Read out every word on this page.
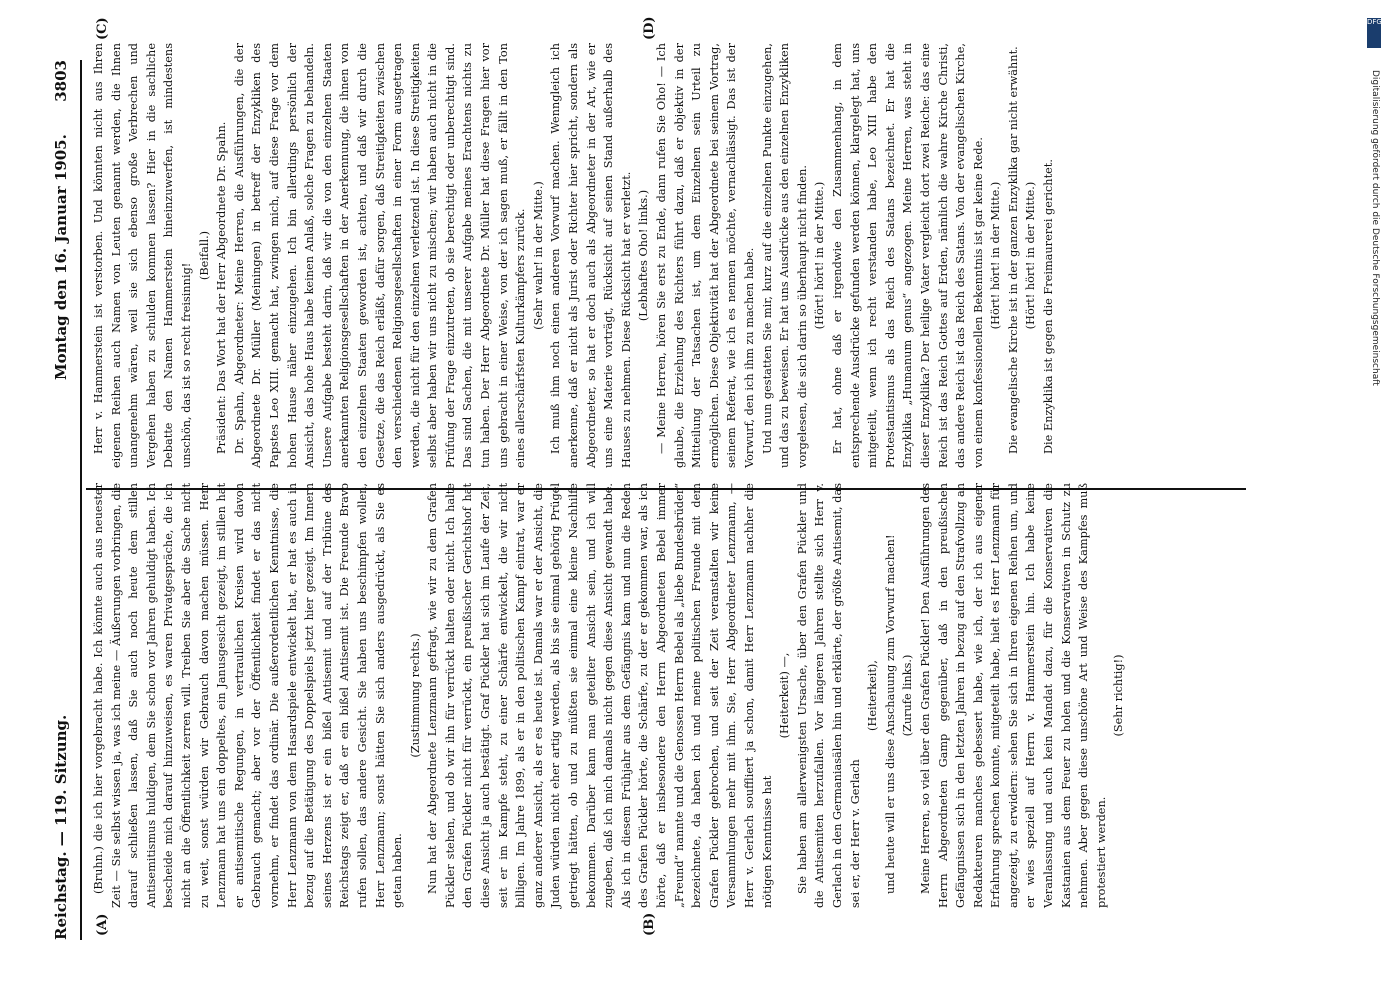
Reichstag. — 119. Sitzung.
Montag den 16. Januar 1905.
3803
(A)	(B)
(C)	(D)

(Bruhn.) die ich hier vorgebracht habe. Ich könnte auch aus neuester Zeit — Sie selbst wissen ja, was ich meine — Äußerungen vorbringen, die darauf schließen lassen, daß Sie auch noch heute dem stillen Antisemitismus huldigen, dem Sie schon vor Jahren gehuldigt haben. Ich bescheide mich darauf hinzuweisen, es waren Privatgespräche, die ich nicht an die Öffentlichkeit zerren will. Treiben Sie aber die Sache nicht zu weit, sonst würden wir Gebrauch davon machen müssen. Herr Lenzmann hat uns ein doppeltes, ein Janusgesicht gezeigt, im stillen hat er antisemitische Regungen, in vertraulichen Kreisen wird davon Gebrauch gemacht; aber vor der Öffentlichkeit findet er das nicht vornehm, er findet das ordinär. Die außerordentlichen Kenntnisse, die Herr Lenzmann von dem Hasardspiele entwickelt hat, er hat es auch in bezug auf die Betätigung des Doppelspiels jetzt hier gezeigt. Im Innern seines Herzens ist er ein bißel Antisemit und auf der Tribüne des Reichstags zeigt er, daß er ein bißel Antisemit ist. Die Freunde Bravo rufen sollen, das andere Gesicht. Sie haben uns beschimpfen wollen, Herr Lenzmann; sonst hätten Sie sich anders ausgedrückt, als Sie es getan haben.

(Zustimmung rechts.) Nun hat der Abgeordnete Lenzmann gefragt, wie wir zu dem Grafen Pückler stehen, und ob wir ihn für verrückt halten oder nicht. Ich halte den Grafen Pückler nicht für verrückt, ein preußischer Gerichtshof hat diese Ansicht ja auch bestätigt. Graf Pückler hat sich im Laufe der Zeit, seit er im Kampfe steht, zu einer Schärfe entwickelt, die wir nicht billigen. Im Jahre 1899, als er in den politischen Kampf eintrat, war er ganz anderer Ansicht, als er es heute ist. Damals war er der Ansicht, die Juden würden nicht eher artig werden, als bis sie einmal gehörig Prügel getriegt hätten, ob und zu müßten sie einmal eine kleine Nachhilfe bekommen. Darüber kann man geteilter Ansicht sein, und ich will zugeben, daß ich mich damals nicht gegen diese Ansicht gewandt habe. Als ich in diesem Frühjahr aus dem Gefängnis kam und nun die Reden des Grafen Pückler hörte, die Schärfe, zu der er gekommen war, als ich hörte, daß er insbesondere den Herrn Abgeordneten Bebel immer „Freund“ nannte und die Genossen Herrn Bebel als „liebe Bundesbrüder“ bezeichnete, da haben ich und meine politischen Freunde mit dem Grafen Pückler gebrochen, und seit der Zeit veranstalten wir keine Versammlungen mehr mit ihm. Sie, Herr Abgeordneter Lenzmann, — Herr v. Gerlach souffliert ja schon, damit Herr Lenzmann nachher die nötigen Kenntnisse hat

(Heiterkeit) —, Sie haben am allerwenigsten Ursache, über den Grafen Pückler und die Antisemiten herzufallen. Vor längeren Jahren stellte sich Herr v. Gerlach in den Germaniasälen hin und erklärte, der größte Antisemit, das sei er, der Herr v. Gerlach

(Heiterkeit), und heute will er uns diese Anschauung zum Vorwurf machen! (Zurufe links.) Meine Herren, so viel über den Grafen Pückler! Den Ausführungen des Herrn Abgeordneten Gamp gegenüber, daß in den preußischen Gefängnissen sich in den letzten Jahren in bezug auf den Strafvollzug an Redakteuren manches gebessert habe, wie ich, der ich aus eigener Erfahrung sprechen konnte, mitgeteilt habe, hielt es Herr Lenzmann für angezeigt, zu erwidern: sehen Sie sich in Ihren eigenen Reihen um, und er wies speziell auf Herrn v. Hammerstein hin. Ich habe keine Veranlassung und auch kein Mandat dazu, für die Konservativen die Kastanien aus dem Feuer zu holen und die Konservativen in Schutz zu nehmen. Aber gegen diese unschöne Art und Weise des Kampfes muß protestiert werden.

(Sehr richtig!)

Herr v. Hammerstein ist verstorben. Und könnten nicht aus Ihren eigenen Reihen auch Namen von Leuten genannt werden, die Ihnen unangenehm wären, weil sie sich ebenso große Verbrechen und Vergehen haben zu schulden kommen lassen? Hier in die sachliche Debatte den Namen Hammerstein hineinzuwerfen, ist mindestens unschön, das ist so recht freisinnig!

(Beifall.) Präsident: Das Wort hat der Herr Abgeordnete Dr. Spahn. Dr. Spahn, Abgeordneter: Meine Herren, die Ausführungen, die der Abgeordnete Dr. Müller (Meiningen) in betreff der Enzykliken des Papstes Leo XIII. gemacht hat, zwingen mich, auf diese Frage vor dem hohen Hause näher einzugehen. Ich bin allerdings persönlich der Ansicht, das hohe Haus habe keinen Anlaß, solche Fragen zu behandeln. Unsere Aufgabe besteht darin, daß wir die von den einzelnen Staaten anerkannten Religionsgesellschaften in der Anerkennung, die ihnen von den einzelnen Staaten geworden ist, achten, und daß wir durch die Gesetze, die das Reich erläßt, dafür sorgen, daß Streitigkeiten zwischen den verschiedenen Religionsgesellschaften in einer Form ausgetragen werden, die nicht für den einzelnen verletzend ist. In diese Streitigkeiten selbst aber haben wir uns nicht zu mischen; wir haben auch nicht in die Prüfung der Frage einzutreten, ob sie berechtigt oder unberechtigt sind. Das sind Sachen, die mit unserer Aufgabe meines Erachtens nichts zu tun haben. Der Herr Abgeordnete Dr. Müller hat diese Fragen hier vor uns gebracht in einer Weise, von der ich sagen muß, er fällt in den Ton eines allerschärfsten Kulturkämpfers zurück. (Sehr wahr! in der Mitte.) Ich muß ihm noch einen anderen Vorwurf machen. Wenngleich ich anerkenne, daß er nicht als Jurist oder Richter hier spricht, sondern als Abgeordneter, so hat er doch auch als Abgeordneter in der Art, wie er uns eine Materie vorträgt, Rücksicht auf seinen Stand außerhalb des Hauses zu nehmen. Diese Rücksicht hat er verletzt. (Lebhaftes Oho! links.) — Meine Herren, hören Sie erst zu Ende, dann rufen Sie Oho! — Ich glaube, die Erziehung des Richters führt dazu, daß er objektiv in der Mitteilung der Tatsachen ist, um dem Einzelnen sein Urteil zu ermöglichen. Diese Objektivität hat der Abgeordnete bei seinem Vortrag, seinem Referat, wie ich es nennen möchte, vernachlässigt. Das ist der Vorwurf, den ich ihm zu machen habe. Und nun gestatten Sie mir, kurz auf die einzelnen Punkte einzugehen, und das zu beweisen. Er hat uns Ausdrücke aus den einzelnen Enzykliken vorgelesen, die sich darin so überhaupt nicht finden. (Hört! hört! in der Mitte.) Er hat, ohne daß er irgendwie den Zusammenhang, in dem entsprechende Ausdrücke gefunden werden können, klargelegt hat, uns mitgeteilt, wenn ich recht verstanden habe, Leo XIII habe den Protestantismus als das Reich des Satans bezeichnet. Er hat die Enzyklika „Humanum genus“ angezogen. Meine Herren, was steht in dieser Enzyklika? Der heilige Vater vergleicht dort zwei Reiche: das eine Reich ist das Reich Gottes auf Erden, nämlich die wahre Kirche Christi, das andere Reich ist das Reich des Satans. Von der evangelischen Kirche, von einem konfessionellen Bekenntnis ist gar keine Rede. (Hört! hört! in der Mitte.) Die evangelische Kirche ist in der ganzen Enzyklika gar nicht erwähnt. (Hört! hört! in der Mitte.) Die Enzyklika ist gegen die Freimaurerei gerichtet.

DFG
Digitalisierung gefördert durch die Deutsche Forschungsgemeinschaft
